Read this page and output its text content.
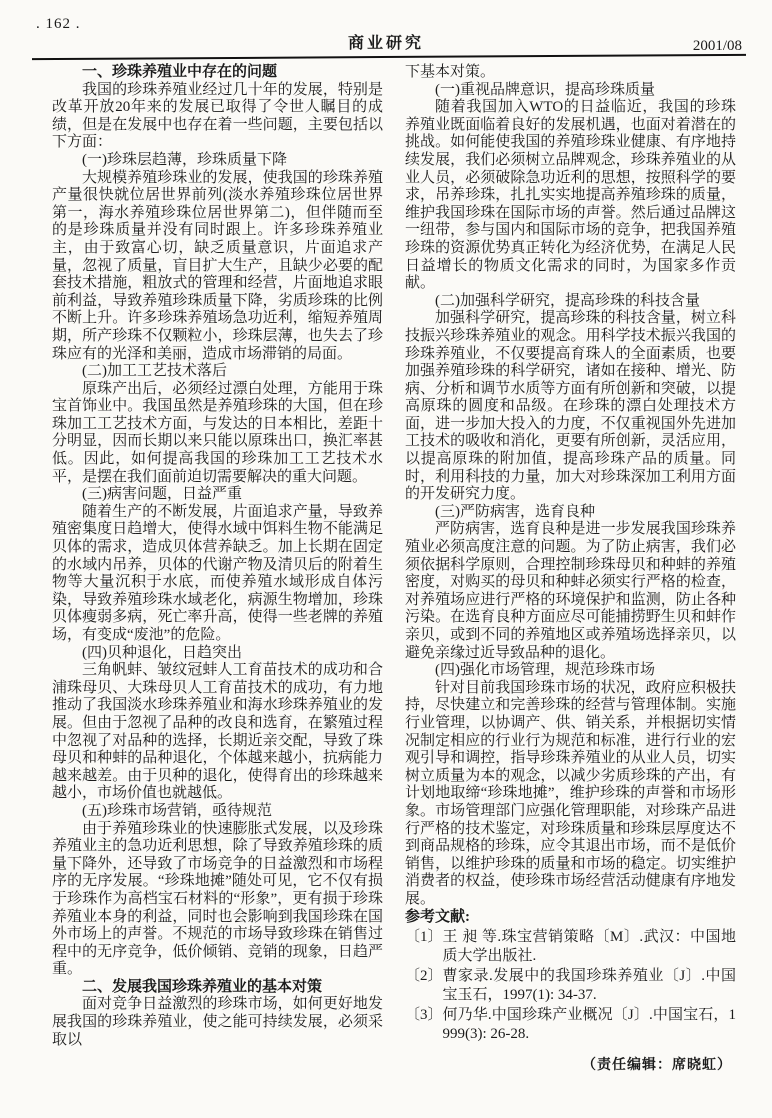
. 162 .
商业研究	2001/08

一、珍珠养殖业中存在的问题

我国的珍珠养殖业经过几十年的发展，特别是改革开放20年来的发展已取得了令世人瞩目的成绩，但是在发展中也存在着一些问题，主要包括以下方面：

(一)珍珠层趋薄，珍珠质量下降

大规模养殖珍珠业的发展，使我国的珍珠养殖产量很快就位居世界前列(淡水养殖珍珠位居世界第一，海水养殖珍珠位居世界第二)，但伴随而至的是珍珠质量并没有同时跟上。许多珍珠养殖业主，由于致富心切，缺乏质量意识，片面追求产量，忽视了质量，盲目扩大生产，且缺少必要的配套技术措施，粗放式的管理和经营，片面地追求眼前利益，导致养殖珍珠质量下降，劣质珍珠的比例不断上升。许多珍珠养殖场急功近利，缩短养殖周期，所产珍珠不仅颗粒小，珍珠层薄，也失去了珍珠应有的光泽和美丽，造成市场滞销的局面。

(二)加工工艺技术落后

原珠产出后，必须经过漂白处理，方能用于珠宝首饰业中。我国虽然是养殖珍珠的大国，但在珍珠加工工艺技术方面，与发达的日本相比，差距十分明显，因而长期以来只能以原珠出口，换汇率甚低。因此，如何提高我国的珍珠加工工艺技术水平，是摆在我们面前迫切需要解决的重大问题。

(三)病害问题，日益严重

随着生产的不断发展，片面追求产量，导致养殖密集度日趋增大，使得水域中饵料生物不能满足贝体的需求，造成贝体营养缺乏。加上长期在固定的水域内吊养，贝体的代谢产物及清贝后的附着生物等大量沉积于水底，而使养殖水域形成自体污染，导致养殖珍珠水域老化，病源生物增加，珍珠贝体瘦弱多病，死亡率升高，使得一些老牌的养殖场，有变成“废池”的危险。

(四)贝种退化，日趋突出

三角帆蚌、皱纹冠蚌人工育苗技术的成功和合浦珠母贝、大珠母贝人工育苗技术的成功，有力地推动了我国淡水珍珠养殖业和海水珍珠养殖业的发展。但由于忽视了品种的改良和选育，在繁殖过程中忽视了对品种的选择，长期近亲交配，导致了珠母贝和种蚌的品种退化，个体越来越小，抗病能力越来越差。由于贝种的退化，使得育出的珍珠越来越小，市场价值也就越低。

(五)珍珠市场营销，亟待规范

由于养殖珍珠业的快速膨胀式发展，以及珍珠养殖业主的急功近利思想，除了导致养殖珍珠的质量下降外，还导致了市场竞争的日益激烈和市场程序的无序发展。“珍珠地摊”随处可见，它不仅有损于珍珠作为高档宝石材料的“形象”，更有损于珍珠养殖业本身的利益，同时也会影响到我国珍珠在国外市场上的声誉。不规范的市场导致珍珠在销售过程中的无序竞争，低价倾销、竞销的现象，日趋严重。

二、发展我国珍珠养殖业的基本对策

面对竞争日益激烈的珍珠市场，如何更好地发展我国的珍珠养殖业，使之能可持续发展，必须采取以

下基本对策。

(一)重视品牌意识，提高珍珠质量

随着我国加入WTO的日益临近，我国的珍珠养殖业既面临着良好的发展机遇，也面对着潜在的挑战。如何能使我国的养殖珍珠业健康、有序地持续发展，我们必须树立品牌观念，珍珠养殖业的从业人员，必须破除急功近利的思想，按照科学的要求，吊养珍珠，扎扎实实地提高养殖珍珠的质量，维护我国珍珠在国际市场的声誉。然后通过品牌这一纽带，参与国内和国际市场的竞争，把我国养殖珍珠的资源优势真正转化为经济优势，在满足人民日益增长的物质文化需求的同时，为国家多作贡献。

(二)加强科学研究，提高珍珠的科技含量

加强科学研究，提高珍珠的科技含量，树立科技振兴珍珠养殖业的观念。用科学技术振兴我国的珍珠养殖业，不仅要提高育珠人的全面素质，也要加强养殖珍珠的科学研究，诸如在接种、增光、防病、分析和调节水质等方面有所创新和突破，以提高原珠的圆度和品级。在珍珠的漂白处理技术方面，进一步加大投入的力度，不仅重视国外先进加工技术的吸收和消化，更要有所创新，灵活应用，以提高原珠的附加值，提高珍珠产品的质量。同时，利用科技的力量，加大对珍珠深加工利用方面的开发研究力度。

(三)严防病害，选育良种

严防病害，选育良种是进一步发展我国珍珠养殖业必须高度注意的问题。为了防止病害，我们必须依据科学原则，合理控制珍珠母贝和种蚌的养殖密度，对购买的母贝和种蚌必须实行严格的检查，对养殖场应进行严格的环境保护和监测，防止各种污染。在选育良种方面应尽可能捕捞野生贝和蚌作亲贝，或到不同的养殖地区或养殖场选择亲贝，以避免亲缘过近导致品种的退化。

(四)强化市场管理，规范珍珠市场

针对目前我国珍珠市场的状况，政府应积极扶持，尽快建立和完善珍珠的经营与管理体制。实施行业管理，以协调产、供、销关系，并根据切实情况制定相应的行业行为规范和标准，进行行业的宏观引导和调控，指导珍珠养殖业的从业人员，切实树立质量为本的观念，以减少劣质珍珠的产出，有计划地取缔“珍珠地摊”，维护珍珠的声誉和市场形象。市场管理部门应强化管理职能，对珍珠产品进行严格的技术鉴定，对珍珠质量和珍珠层厚度达不到商品规格的珍珠，应令其退出市场，而不是低价销售，以维护珍珠的质量和市场的稳定。切实维护消费者的权益，使珍珠市场经营活动健康有序地发展。

参考文献:

〔1〕 王 昶 等.珠宝营销策略〔M〕.武汉：中国地质大学出版社.
〔2〕 曹家录.发展中的我国珍珠养殖业〔J〕.中国宝玉石，1997(1): 34-37.
〔3〕 何乃华.中国珍珠产业概况〔J〕.中国宝石，1999(3): 26-28.

（责任编辑：席晓虹）
